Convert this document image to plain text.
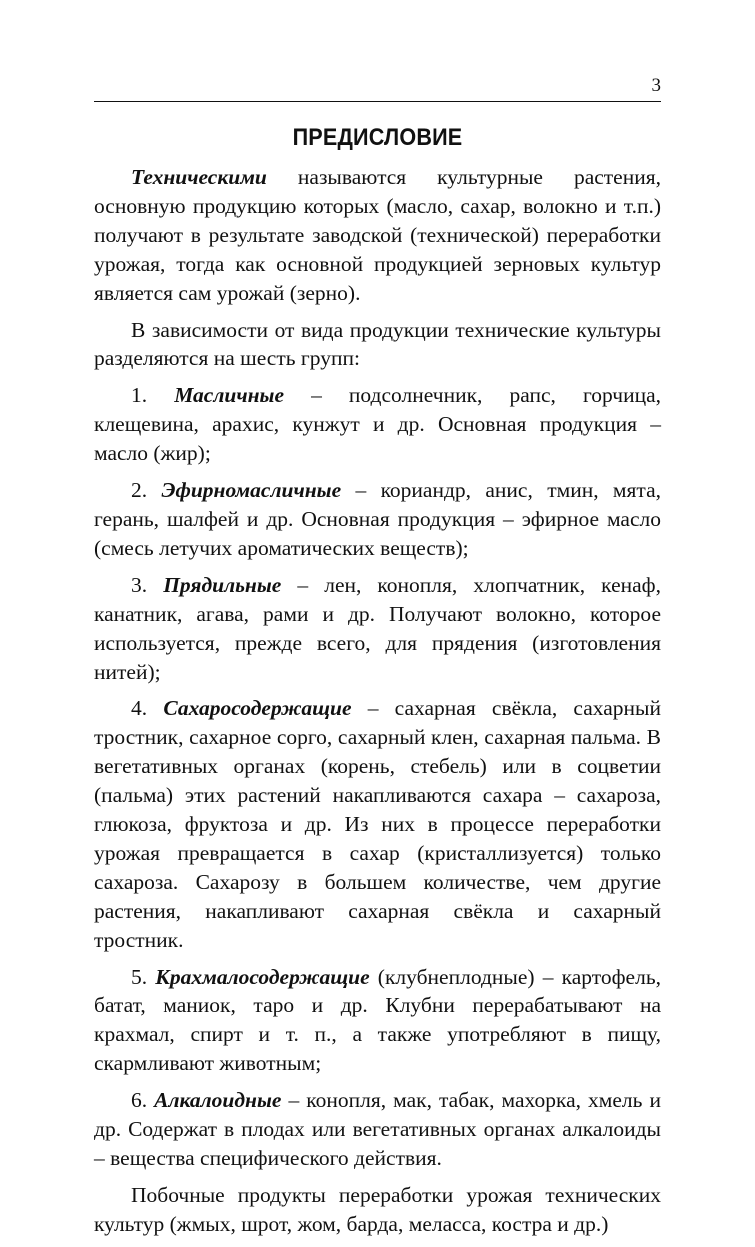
3
ПРЕДИСЛОВИЕ

Техническими называются культурные растения, основную продукцию которых (масло, сахар, волокно и т.п.) получают в результате заводской (технической) переработки урожая, тогда как основной продукцией зерновых культур является сам урожай (зерно).

В зависимости от вида продукции технические культуры разделяются на шесть групп:

1. Масличные – подсолнечник, рапс, горчица, клещевина, арахис, кунжут и др. Основная продукция – масло (жир);

2. Эфирномасличные – кориандр, анис, тмин, мята, герань, шалфей и др. Основная продукция – эфирное масло (смесь летучих ароматических веществ);

3. Прядильные – лен, конопля, хлопчатник, кенаф, канатник, агава, рами и др. Получают волокно, которое используется, прежде всего, для прядения (изготовления нитей);

4. Сахаросодержащие – сахарная свёкла, сахарный тростник, сахарное сорго, сахарный клен, сахарная пальма. В вегетативных органах (корень, стебель) или в соцветии (пальма) этих растений накапливаются сахара – сахароза, глюкоза, фруктоза и др. Из них в процессе переработки урожая превращается в сахар (кристаллизуется) только сахароза. Сахарозу в большем количестве, чем другие растения, накапливают сахарная свёкла и сахарный тростник.

5. Крахмалосодержащие (клубнеплодные) – картофель, батат, маниок, таро и др. Клубни перерабатывают на крахмал, спирт и т. п., а также употребляют в пищу, скармливают животным;

6. Алкалоидные – конопля, мак, табак, махорка, хмель и др. Содержат в плодах или вегетативных органах алкалоиды – вещества специфического действия.

Побочные продукты переработки урожая технических культур (жмых, шрот, жом, барда, меласса, костра и др.)
